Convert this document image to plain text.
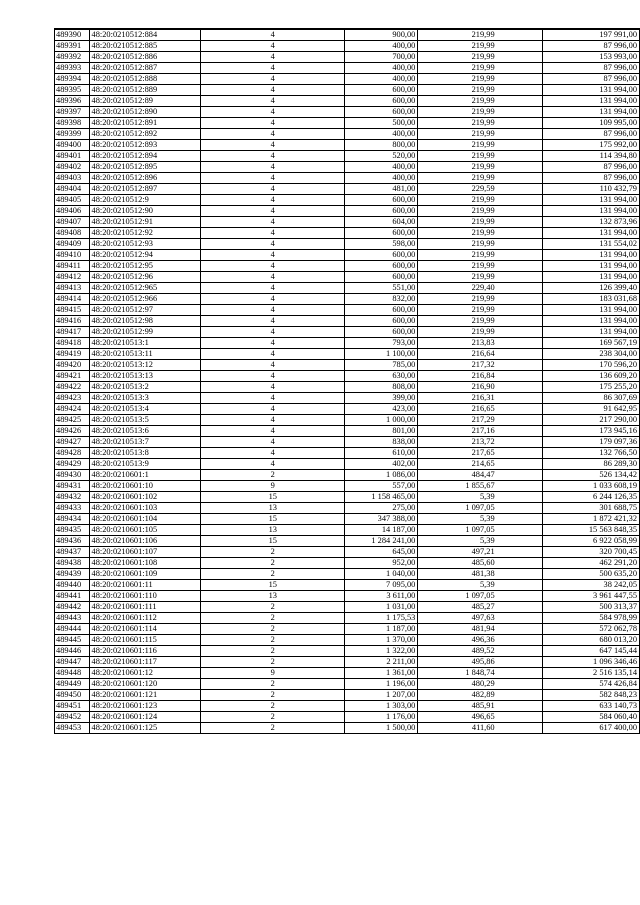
489390	48:20:0210512:884	4	900,00	219,99	197 991,00
489391	48:20:0210512:885	4	400,00	219,99	87 996,00
489392	48:20:0210512:886	4	700,00	219,99	153 993,00
489393	48:20:0210512:887	4	400,00	219,99	87 996,00
489394	48:20:0210512:888	4	400,00	219,99	87 996,00
489395	48:20:0210512:889	4	600,00	219,99	131 994,00
489396	48:20:0210512:89	4	600,00	219,99	131 994,00
489397	48:20:0210512:890	4	600,00	219,99	131 994,00
489398	48:20:0210512:891	4	500,00	219,99	109 995,00
489399	48:20:0210512:892	4	400,00	219,99	87 996,00
489400	48:20:0210512:893	4	800,00	219,99	175 992,00
489401	48:20:0210512:894	4	520,00	219,99	114 394,80
489402	48:20:0210512:895	4	400,00	219,99	87 996,00
489403	48:20:0210512:896	4	400,00	219,99	87 996,00
489404	48:20:0210512:897	4	481,00	229,59	110 432,79
489405	48:20:0210512:9	4	600,00	219,99	131 994,00
489406	48:20:0210512:90	4	600,00	219,99	131 994,00
489407	48:20:0210512:91	4	604,00	219,99	132 873,96
489408	48:20:0210512:92	4	600,00	219,99	131 994,00
489409	48:20:0210512:93	4	598,00	219,99	131 554,02
489410	48:20:0210512:94	4	600,00	219,99	131 994,00
489411	48:20:0210512:95	4	600,00	219,99	131 994,00
489412	48:20:0210512:96	4	600,00	219,99	131 994,00
489413	48:20:0210512:965	4	551,00	229,40	126 399,40
489414	48:20:0210512:966	4	832,00	219,99	183 031,68
489415	48:20:0210512:97	4	600,00	219,99	131 994,00
489416	48:20:0210512:98	4	600,00	219,99	131 994,00
489417	48:20:0210512:99	4	600,00	219,99	131 994,00
489418	48:20:0210513:1	4	793,00	213,83	169 567,19
489419	48:20:0210513:11	4	1 100,00	216,64	238 304,00
489420	48:20:0210513:12	4	785,00	217,32	170 596,20
489421	48:20:0210513:13	4	630,00	216,84	136 609,20
489422	48:20:0210513:2	4	808,00	216,90	175 255,20
489423	48:20:0210513:3	4	399,00	216,31	86 307,69
489424	48:20:0210513:4	4	423,00	216,65	91 642,95
489425	48:20:0210513:5	4	1 000,00	217,29	217 290,00
489426	48:20:0210513:6	4	801,00	217,16	173 945,16
489427	48:20:0210513:7	4	838,00	213,72	179 097,36
489428	48:20:0210513:8	4	610,00	217,65	132 766,50
489429	48:20:0210513:9	4	402,00	214,65	86 289,30
489430	48:20:0210601:1	2	1 086,00	484,47	526 134,42
489431	48:20:0210601:10	9	557,00	1 855,67	1 033 608,19
489432	48:20:0210601:102	15	1 158 465,00	5,39	6 244 126,35
489433	48:20:0210601:103	13	275,00	1 097,05	301 688,75
489434	48:20:0210601:104	15	347 388,00	5,39	1 872 421,32
489435	48:20:0210601:105	13	14 187,00	1 097,05	15 563 848,35
489436	48:20:0210601:106	15	1 284 241,00	5,39	6 922 058,99
489437	48:20:0210601:107	2	645,00	497,21	320 700,45
489438	48:20:0210601:108	2	952,00	485,60	462 291,20
489439	48:20:0210601:109	2	1 040,00	481,38	500 635,20
489440	48:20:0210601:11	15	7 095,00	5,39	38 242,05
489441	48:20:0210601:110	13	3 611,00	1 097,05	3 961 447,55
489442	48:20:0210601:111	2	1 031,00	485,27	500 313,37
489443	48:20:0210601:112	2	1 175,53	497,63	584 978,99
489444	48:20:0210601:114	2	1 187,00	481,94	572 062,78
489445	48:20:0210601:115	2	1 370,00	496,36	680 013,20
489446	48:20:0210601:116	2	1 322,00	489,52	647 145,44
489447	48:20:0210601:117	2	2 211,00	495,86	1 096 346,46
489448	48:20:0210601:12	9	1 361,00	1 848,74	2 516 135,14
489449	48:20:0210601:120	2	1 196,00	480,29	574 426,84
489450	48:20:0210601:121	2	1 207,00	482,89	582 848,23
489451	48:20:0210601:123	2	1 303,00	485,91	633 140,73
489452	48:20:0210601:124	2	1 176,00	496,65	584 060,40
489453	48:20:0210601:125	2	1 500,00	411,60	617 400,00
